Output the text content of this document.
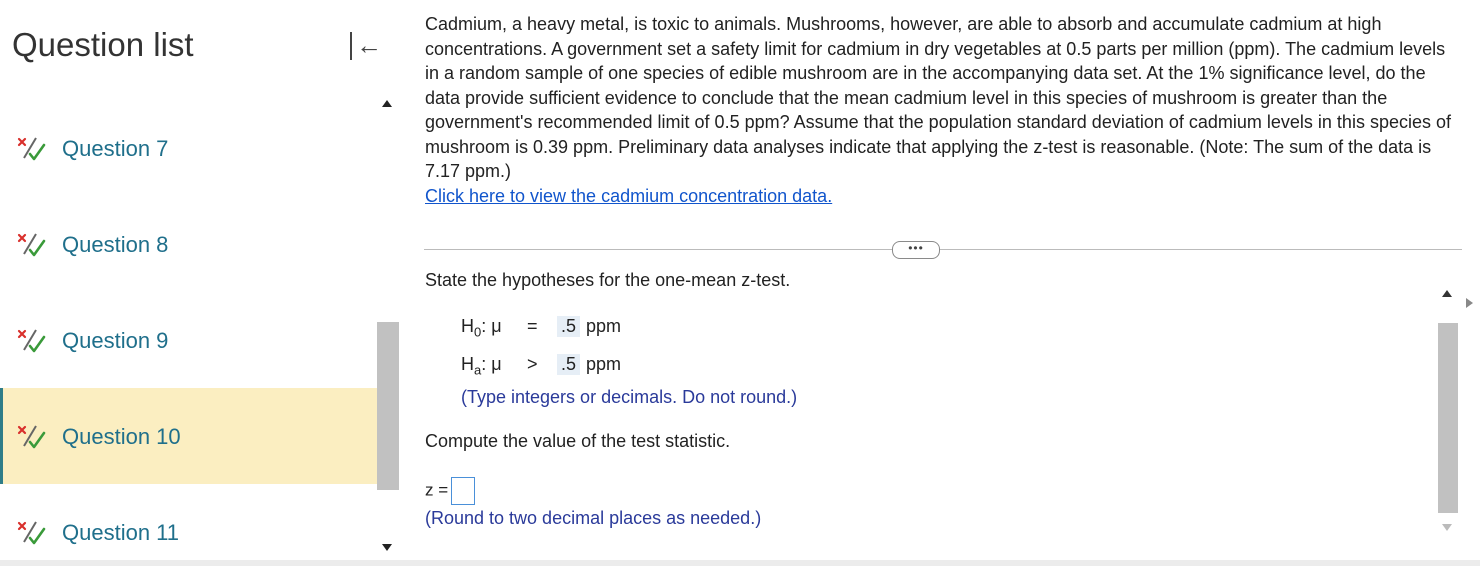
Question list	←
Question 7
Question 8
Question 9
Question 10
Question 11

Cadmium, a heavy metal, is toxic to animals. Mushrooms, however, are able to absorb and accumulate cadmium at high concentrations. A government set a safety limit for cadmium in dry vegetables at 0.5 parts per million (ppm). The cadmium levels in a random sample of one species of edible mushroom are in the accompanying data set. At the 1% significance level, do the data provide sufficient evidence to conclude that the mean cadmium level in this species of mushroom is greater than the government's recommended limit of 0.5 ppm? Assume that the population standard deviation of cadmium levels in this species of mushroom is 0.39 ppm. Preliminary data analyses indicate that applying the z-test is reasonable. (Note: The sum of the data is 7.17 ppm.)
Click here to view the cadmium concentration data.

•••
State the hypotheses for the one-mean z-test.
$H_0$: μ = .5 ppm
$H_a$: μ > .5 ppm
(Type integers or decimals. Do not round.)
Compute the value of the test statistic.
z =
(Round to two decimal places as needed.)
